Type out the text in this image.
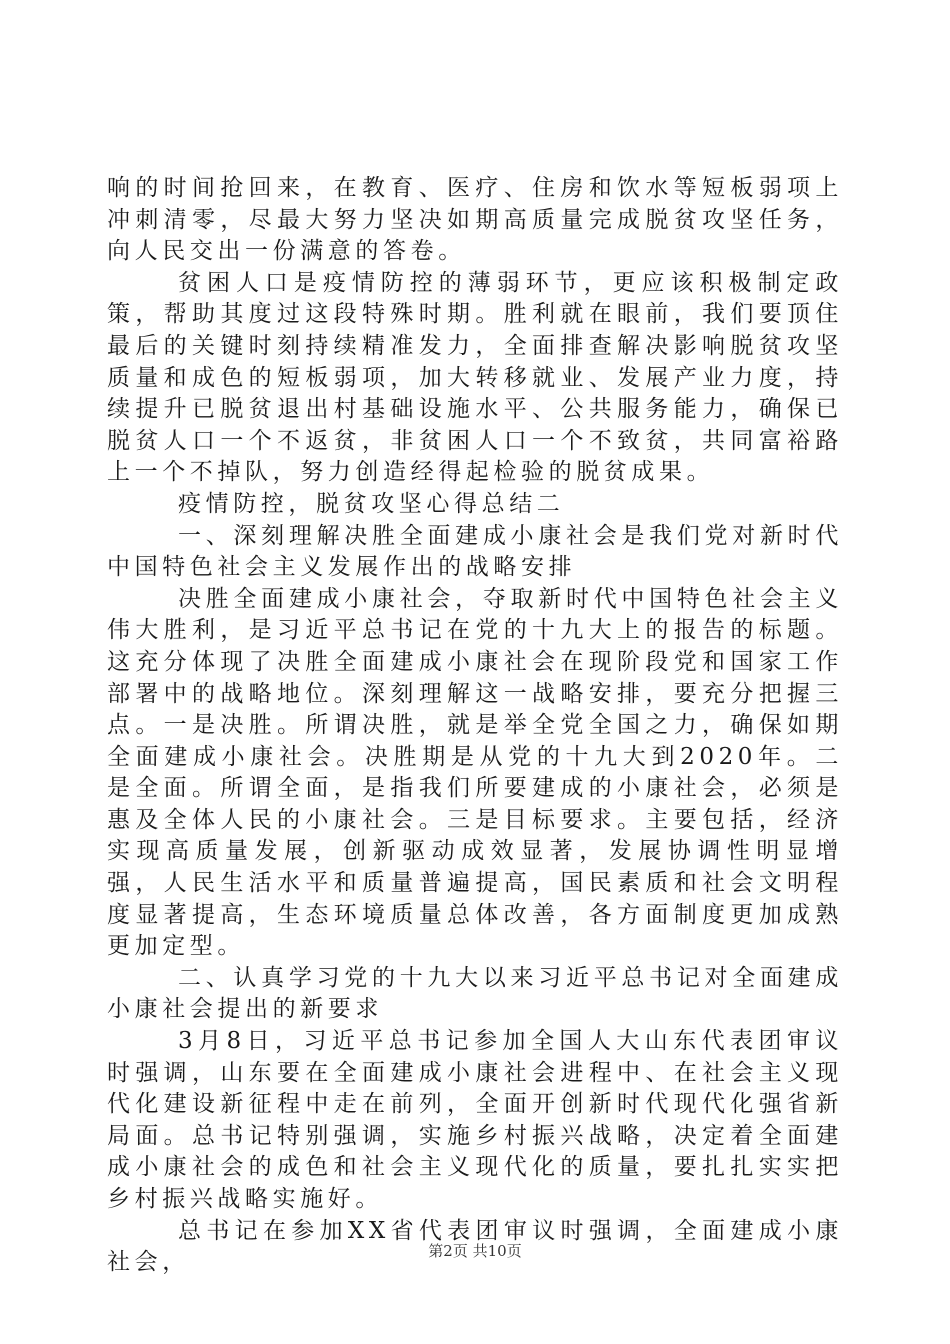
响的时间抢回来，在教育、医疗、住房和饮水等短板弱项上冲刺清零，尽最大努力坚决如期高质量完成脱贫攻坚任务，向人民交出一份满意的答卷。

贫困人口是疫情防控的薄弱环节，更应该积极制定政策，帮助其度过这段特殊时期。胜利就在眼前，我们要顶住最后的关键时刻持续精准发力，全面排查解决影响脱贫攻坚质量和成色的短板弱项，加大转移就业、发展产业力度，持续提升已脱贫退出村基础设施水平、公共服务能力，确保已脱贫人口一个不返贫，非贫困人口一个不致贫，共同富裕路上一个不掉队，努力创造经得起检验的脱贫成果。

疫情防控，脱贫攻坚心得总结二

一、深刻理解决胜全面建成小康社会是我们党对新时代中国特色社会主义发展作出的战略安排

决胜全面建成小康社会，夺取新时代中国特色社会主义伟大胜利，是习近平总书记在党的十九大上的报告的标题。这充分体现了决胜全面建成小康社会在现阶段党和国家工作部署中的战略地位。深刻理解这一战略安排，要充分把握三点。一是决胜。所谓决胜，就是举全党全国之力，确保如期全面建成小康社会。决胜期是从党的十九大到2020年。二是全面。所谓全面，是指我们所要建成的小康社会，必须是惠及全体人民的小康社会。三是目标要求。主要包括，经济实现高质量发展，创新驱动成效显著，发展协调性明显增强，人民生活水平和质量普遍提高，国民素质和社会文明程度显著提高，生态环境质量总体改善，各方面制度更加成熟更加定型。

二、认真学习党的十九大以来习近平总书记对全面建成小康社会提出的新要求

3月8日，习近平总书记参加全国人大山东代表团审议时强调，山东要在全面建成小康社会进程中、在社会主义现代化建设新征程中走在前列，全面开创新时代现代化强省新局面。总书记特别强调，实施乡村振兴战略，决定着全面建成小康社会的成色和社会主义现代化的质量，要扎扎实实把乡村振兴战略实施好。

总书记在参加XX省代表团审议时强调，全面建成小康社会，	第2页 共10页
